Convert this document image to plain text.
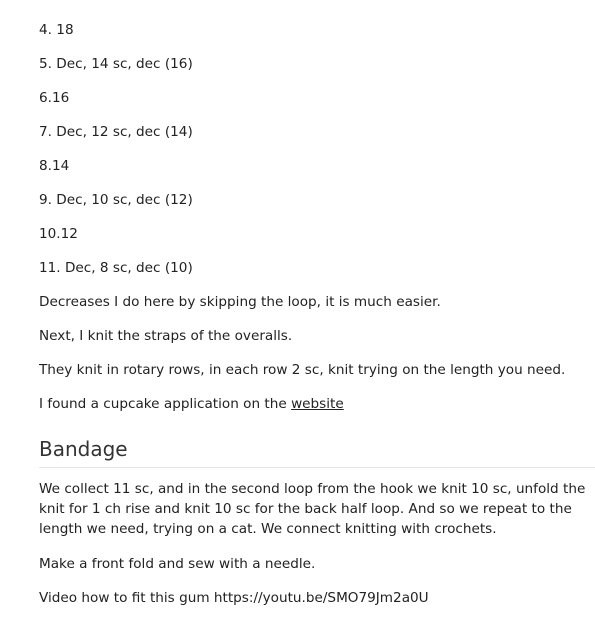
4. 18

5. Dec, 14 sc, dec (16)

6.16

7. Dec, 12 sc, dec (14)

8.14

9. Dec, 10 sc, dec (12)

10.12

11. Dec, 8 sc, dec (10)

Decreases I do here by skipping the loop, it is much easier.

Next, I knit the straps of the overalls.

They knit in rotary rows, in each row 2 sc, knit trying on the length you need.

I found a cupcake application on the website

Bandage

We collect 11 sc, and in the second loop from the hook we knit 10 sc, unfold the knit for 1 ch rise and knit 10 sc for the back half loop. And so we repeat to the length we need, trying on a cat. We connect knitting with crochets.

Make a front fold and sew with a needle.

Video how to fit this gum https://youtu.be/SMO79Jm2a0U
